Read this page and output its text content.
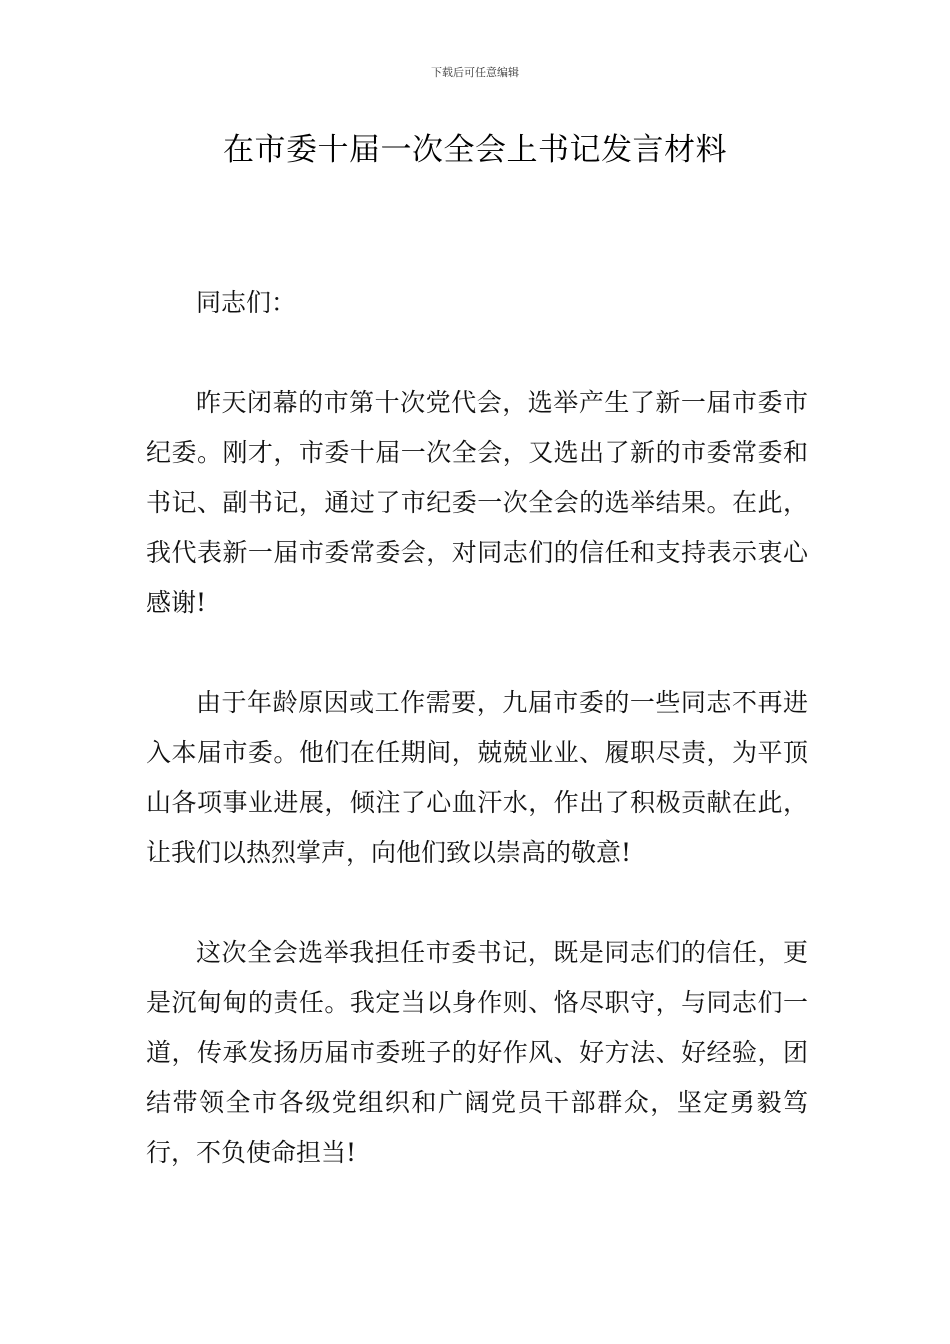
下载后可任意编辑
在市委十届一次全会上书记发言材料

同志们：

昨天闭幕的市第十次党代会，选举产生了新一届市委市纪委。刚才，市委十届一次全会，又选出了新的市委常委和书记、副书记，通过了市纪委一次全会的选举结果。在此，我代表新一届市委常委会，对同志们的信任和支持表示衷心感谢!

由于年龄原因或工作需要，九届市委的一些同志不再进入本届市委。他们在任期间，兢兢业业、履职尽责，为平顶山各项事业进展，倾注了心血汗水，作出了积极贡献在此，让我们以热烈掌声，向他们致以崇高的敬意!

这次全会选举我担任市委书记，既是同志们的信任，更是沉甸甸的责任。我定当以身作则、恪尽职守，与同志们一道，传承发扬历届市委班子的好作风、好方法、好经验，团结带领全市各级党组织和广阔党员干部群众，坚定勇毅笃行，不负使命担当!
